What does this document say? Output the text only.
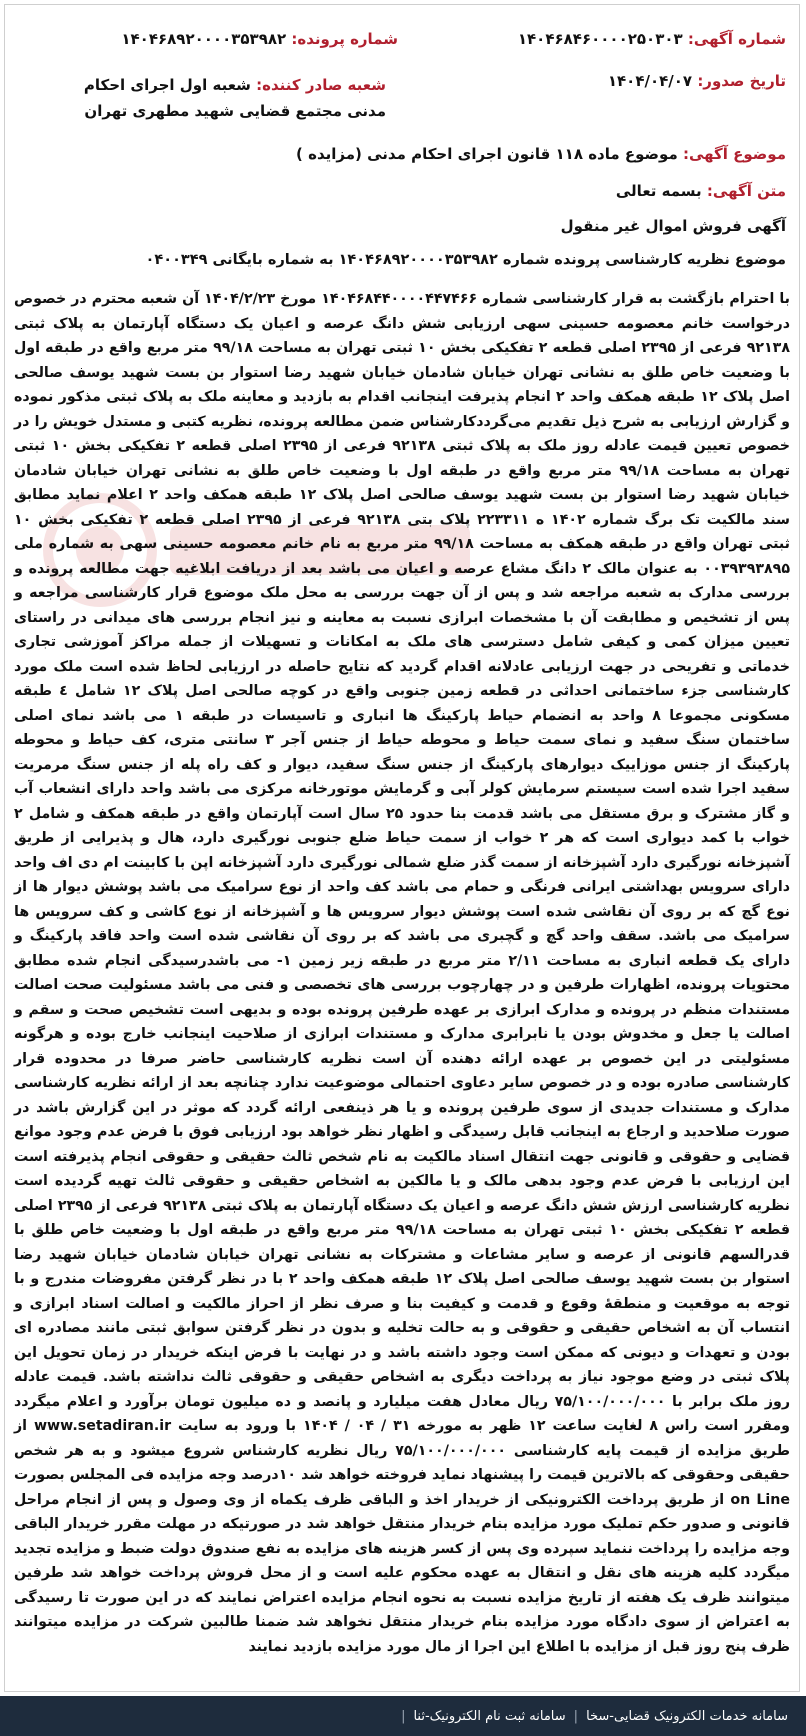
شماره آگهی: ۱۴۰۴۶۸۴۶۰۰۰۰۲۵۰۳۰۳
شماره پرونده: ۱۴۰۴۶۸۹۲۰۰۰۰۳۵۳۹۸۲
تاریخ صدور: ۱۴۰۴/۰۴/۰۷
شعبه صادر کننده: شعبه اول اجرای احکام مدنی مجتمع قضایی شهید مطهری تهران
موضوع آگهی: موضوع ماده ۱۱۸ قانون اجرای احکام مدنی (مزایده )
متن آگهی: بسمه تعالی
آگهی فروش اموال غیر منقول
موضوع نظریه کارشناسی پرونده شماره ۱۴۰۴۶۸۹۲۰۰۰۰۳۵۳۹۸۲ به شماره بایگانی ۰۴۰۰۳۴۹
با احترام بازگشت به قرار کارشناسی شماره ۱۴۰۴۶۸۴۴۰۰۰۰۴۴۷۴۶۶ مورخ ۱۴۰۴/۲/۲۳ آن شعبه محترم در خصوص درخواست خانم معصومه حسینی سهی ارزیابی شش دانگ عرصه و اعیان یک دستگاه آپارتمان به پلاک ثبتی ۹۲۱۳۸ فرعی از ۲۳۹۵ اصلی قطعه ۲ تفکیکی بخش ۱۰ ثبتی تهران به مساحت ۹۹/۱۸ متر مربع واقع در طبقه اول با وضعیت خاص طلق به نشانی تهران خیابان شادمان خیابان شهید رضا استوار بن بست شهید یوسف صالحی اصل پلاک ۱۲ طبقه همکف واحد ۲ انجام پذیرفت اینجانب اقدام به بازدید و معاینه ملک به پلاک ثبتی مذکور نموده و گزارش ارزیابی به شرح ذیل تقدیم می‌گرددکارشناس ضمن مطالعه پرونده، نظریه کتبی و مستدل خویش را در خصوص تعیین قیمت عادله روز ملک به پلاک ثبتی ۹۲۱۳۸ فرعی از ۲۳۹۵ اصلی قطعه ۲ تفکیکی بخش ۱۰ ثبتی تهران به مساحت ۹۹/۱۸ متر مربع واقع در طبقه اول با وضعیت خاص طلق به نشانی تهران خیابان شادمان خیابان شهید رضا استوار بن بست شهید یوسف صالحی اصل پلاک ۱۲ طبقه همکف واحد ۲ اعلام نماید مطابق سند مالکیت تک برگ شماره ۱۴۰۲ ه ۲۲۳۳۱۱ پلاک بتی ۹۲۱۳۸ فرعی از ۲۳۹۵ اصلی قطعه ۲ تفکیکی بخش ۱۰ ثبتی تهران واقع در طبقه همکف به مساحت ۹۹/۱۸ متر مربع به نام خانم معصومه حسینی سهی به شماره ملی ۰۰۳۹۳۹۳۸۹۵ به عنوان مالک ۲ دانگ مشاع عرصه و اعیان می باشد بعد از دریافت ابلاغیه جهت مطالعه پرونده و بررسی مدارک به شعبه مراجعه شد و پس از آن جهت بررسی به محل ملک موضوع قرار کارشناسی مراجعه و پس از تشخیص و مطابقت آن با مشخصات ابرازی نسبت به معاینه و نیز انجام بررسی های میدانی در راستای تعیین میزان کمی و کیفی شامل دسترسی های ملک به امکانات و تسهیلات از جمله مراکز آموزشی تجاری خدماتی و تفریحی در جهت ارزیابی عادلانه اقدام گردید که نتایج حاصله در ارزیابی لحاظ شده است ملک مورد کارشناسی جزء ساختمانی احداثی در قطعه زمین جنوبی واقع در کوچه صالحی اصل پلاک ۱۲ شامل ٤ طبقه مسکونی مجموعا ۸ واحد به انضمام حیاط پارکینگ ها انباری و تاسیسات در طبقه ۱ می باشد نمای اصلی ساختمان سنگ سفید و نمای سمت حیاط و محوطه حیاط از جنس آجر ۳ سانتی متری، کف حیاط و محوطه پارکینگ از جنس موزاییک دیوارهای پارکینگ از جنس سنگ سفید، دیوار و کف راه پله از جنس سنگ مرمریت سفید اجرا شده است سیستم سرمایش کولر آبی و گرمایش موتورخانه مرکزی می باشد واحد دارای انشعاب آب و گاز مشترک و برق مستقل می باشد قدمت بنا حدود ۲۵ سال است آپارتمان واقع در طبقه همکف و شامل ۲ خواب با کمد دیواری است که هر ۲ خواب از سمت حیاط ضلع جنوبی نورگیری دارد، هال و پذیرایی از طریق آشپزخانه نورگیری دارد آشپزخانه از سمت گذر ضلع شمالی نورگیری دارد آشپزخانه اپن با کابینت ام دی اف واحد دارای سرویس بهداشتی ایرانی فرنگی و حمام می باشد کف واحد از نوع سرامیک می باشد پوشش دیوار ها از نوع گچ که بر روی آن نقاشی شده است پوشش دیوار سرویس ها و آشپزخانه از نوع کاشی و کف سرویس ها سرامیک می باشد. سقف واحد گچ و گچبری می باشد که بر روی آن نقاشی شده است واحد فاقد پارکینگ و دارای یک قطعه انباری به مساحت ۲/۱۱ متر مربع در طبقه زیر زمین ۱- می باشدرسیدگی انجام شده مطابق محتویات پرونده، اظهارات طرفین و در چهارچوب بررسی های تخصصی و فنی می باشد مسئولیت صحت اصالت مستندات منظم در پرونده و مدارک ابرازی بر عهده طرفین پرونده بوده و بدیهی است تشخیص صحت و سقم و اصالت یا جعل و مخدوش بودن یا نابرابری مدارک و مستندات ابرازی از صلاحیت اینجانب خارج بوده و هرگونه مسئولیتی در این خصوص بر عهده ارائه دهنده آن است نظریه کارشناسی حاضر صرفا در محدوده قرار کارشناسی صادره بوده و در خصوص سایر دعاوی احتمالی موضوعیت ندارد چنانچه بعد از ارائه نظریه کارشناسی مدارک و مستندات جدیدی از سوی طرفین پرونده و یا هر ذینفعی ارائه گردد که موثر در این گزارش باشد در صورت صلاحدید و ارجاع به اینجانب قابل رسیدگی و اظهار نظر خواهد بود ارزیابی فوق با فرض عدم وجود موانع قضایی و حقوقی و قانونی جهت انتقال اسناد مالکیت به نام شخص ثالث حقیقی و حقوقی انجام پذیرفته است این ارزیابی با فرض عدم وجود بدهی مالک و یا مالکین به اشخاص حقیقی و حقوقی ثالث تهیه گردیده است نظریه کارشناسی ارزش شش دانگ عرصه و اعیان یک دستگاه آپارتمان به پلاک ثبتی ۹۲۱۳۸ فرعی از ۲۳۹۵ اصلی قطعه ۲ تفکیکی بخش ۱۰ ثبتی تهران به مساحت ۹۹/۱۸ متر مربع واقع در طبقه اول با وضعیت خاص طلق با قدرالسهم قانونی از عرصه و سایر مشاعات و مشترکات به نشانی تهران خیابان شادمان خیابان شهید رضا استوار بن بست شهید یوسف صالحی اصل پلاک ۱۲ طبقه همکف واحد ۲ با در نظر گرفتن مفروضات مندرج و با توجه به موقعیت و منطقهٔ وقوع و قدمت و کیفیت بنا و صرف نظر از احراز مالکیت و اصالت اسناد ابرازی و انتساب آن به اشخاص حقیقی و حقوقی و به حالت تخلیه و بدون در نظر گرفتن سوابق ثبتی مانند مصادره ای بودن و تعهدات و دیونی که ممکن است وجود داشته باشد و در نهایت با فرض اینکه خریدار در زمان تحویل این پلاک ثبتی در وضع موجود نیاز به پرداخت دیگری به اشخاص حقیقی و حقوقی ثالث نداشته باشد. قیمت عادله روز ملک برابر با ۷۵/۱۰۰/۰۰۰/۰۰۰ ریال معادل هفت میلیارد و پانصد و ده میلیون تومان برآورد و اعلام میگردد ومقرر است راس ۸ لغایت ساعت ۱۲ ظهر به مورخه ۳۱ / ۰۴ / ۱۴۰۴ با ورود به سایت www.setadiran.ir از طریق مزایده از قیمت پایه کارشناسی ۷۵/۱۰۰/۰۰۰/۰۰۰ ریال نظریه کارشناس شروع میشود و به هر شخص حقیقی وحقوقی که بالاترین قیمت را پیشنهاد نماید فروخته خواهد شد ۱۰درصد وجه مزایده فی المجلس بصورت on Line از طریق پرداخت الکترونیکی از خریدار اخذ و الباقی ظرف یکماه از وی وصول و پس از انجام مراحل قانونی و صدور حکم تملیک مورد مزایده بنام خریدار منتقل خواهد شد در صورتیکه در مهلت مقرر خریدار الباقی وجه مزایده را پرداخت ننماید سپرده وی پس از کسر هزینه های مزایده به نفع صندوق دولت ضبط و مزایده تجدید میگردد کلیه هزینه های نقل و انتقال به عهده محکوم علیه است و از محل فروش پرداخت خواهد شد طرفین میتوانند ظرف یک هفته از تاریخ مزایده نسبت به نحوه انجام مزایده اعتراض نمایند که در این صورت تا رسیدگی به اعتراض از سوی دادگاه مورد مزایده بنام خریدار منتقل نخواهد شد ضمنا طالبین شرکت در مزایده میتوانند ظرف پنج روز قبل از مزایده با اطلاع این اجرا از مال مورد مزایده بازدید نمایند
سامانه خدمات الکترونیک قضایی-سخا
|
سامانه ثبت نام الکترونیک-ثنا
|
